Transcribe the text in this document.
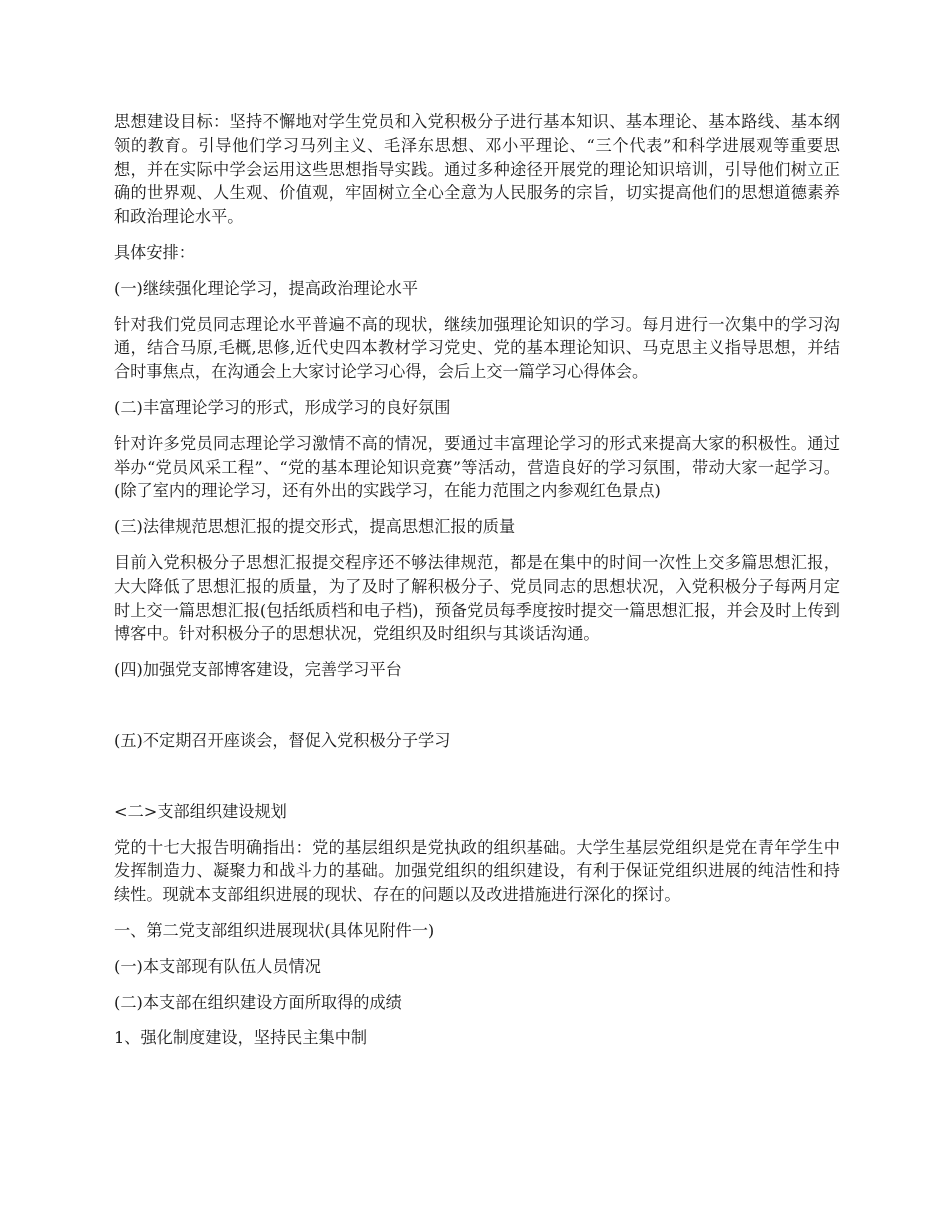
思想建设目标：坚持不懈地对学生党员和入党积极分子进行基本知识、基本理论、基本路线、基本纲领的教育。引导他们学习马列主义、毛泽东思想、邓小平理论、“三个代表”和科学进展观等重要思想，并在实际中学会运用这些思想指导实践。通过多种途径开展党的理论知识培训，引导他们树立正确的世界观、人生观、价值观，牢固树立全心全意为人民服务的宗旨，切实提高他们的思想道德素养和政治理论水平。

具体安排：

(一)继续强化理论学习，提高政治理论水平

针对我们党员同志理论水平普遍不高的现状，继续加强理论知识的学习。每月进行一次集中的学习沟通，结合马原,毛概,思修,近代史四本教材学习党史、党的基本理论知识、马克思主义指导思想，并结合时事焦点，在沟通会上大家讨论学习心得，会后上交一篇学习心得体会。

(二)丰富理论学习的形式，形成学习的良好氛围

针对许多党员同志理论学习激情不高的情况，要通过丰富理论学习的形式来提高大家的积极性。通过举办“党员风采工程”、“党的基本理论知识竞赛”等活动，营造良好的学习氛围，带动大家一起学习。(除了室内的理论学习，还有外出的实践学习，在能力范围之内参观红色景点)

(三)法律规范思想汇报的提交形式，提高思想汇报的质量

目前入党积极分子思想汇报提交程序还不够法律规范，都是在集中的时间一次性上交多篇思想汇报，大大降低了思想汇报的质量，为了及时了解积极分子、党员同志的思想状况，入党积极分子每两月定时上交一篇思想汇报(包括纸质档和电子档)，预备党员每季度按时提交一篇思想汇报，并会及时上传到博客中。针对积极分子的思想状况，党组织及时组织与其谈话沟通。

(四)加强党支部博客建设，完善学习平台

(五)不定期召开座谈会，督促入党积极分子学习

<二>支部组织建设规划

党的十七大报告明确指出：党的基层组织是党执政的组织基础。大学生基层党组织是党在青年学生中发挥制造力、凝聚力和战斗力的基础。加强党组织的组织建设，有利于保证党组织进展的纯洁性和持续性。现就本支部组织进展的现状、存在的问题以及改进措施进行深化的探讨。

一、第二党支部组织进展现状(具体见附件一)

(一)本支部现有队伍人员情况

(二)本支部在组织建设方面所取得的成绩

1、强化制度建设，坚持民主集中制
